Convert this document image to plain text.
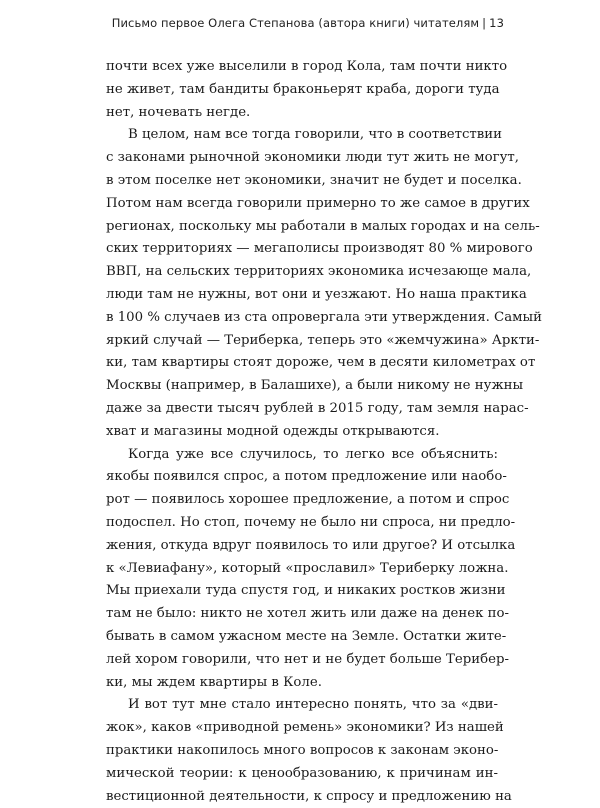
Письмо первое Олега Степанова (автора книги) читателям | 13
почти всех уже выселили в город Кола, там почти никто
не живет, там бандиты браконьерят краба, дороги туда
нет, ночевать негде.
В целом, нам все тогда говорили, что в соответствии
с законами рыночной экономики люди тут жить не могут,
в этом поселке нет экономики, значит не будет и поселка.
Потом нам всегда говорили примерно то же самое в других
регионах, поскольку мы работали в малых городах и на сель-
ских территориях — мегаполисы производят 80 % мирового
ВВП, на сельских территориях экономика исчезающе мала,
люди там не нужны, вот они и уезжают. Но наша практика
в 100 % случаев из ста опровергала эти утверждения. Самый
яркий случай — Териберка, теперь это «жемчужина» Аркти-
ки, там квартиры стоят дороже, чем в десяти километрах от
Москвы (например, в Балашихе), а были никому не нужны
даже за двести тысяч рублей в 2015 году, там земля нарас-
хват и магазины модной одежды открываются.
Когда уже все случилось, то легко все объяснить:
якобы появился спрос, а потом предложение или наобо-
рот — появилось хорошее предложение, а потом и спрос
подоспел. Но стоп, почему не было ни спроса, ни предло-
жения, откуда вдруг появилось то или другое? И отсылка
к «Левиафану», который «прославил» Териберку ложна.
Мы приехали туда спустя год, и никаких ростков жизни
там не было: никто не хотел жить или даже на денек по-
бывать в самом ужасном месте на Земле. Остатки жите-
лей хором говорили, что нет и не будет больше Терибер-
ки, мы ждем квартиры в Коле.
И вот тут мне стало интересно понять, что за «дви-
жок», каков «приводной ремень» экономики? Из нашей
практики накопилось много вопросов к законам эконо-
мической теории: к ценообразованию, к причинам ин-
вестиционной деятельности, к спросу и предложению на
